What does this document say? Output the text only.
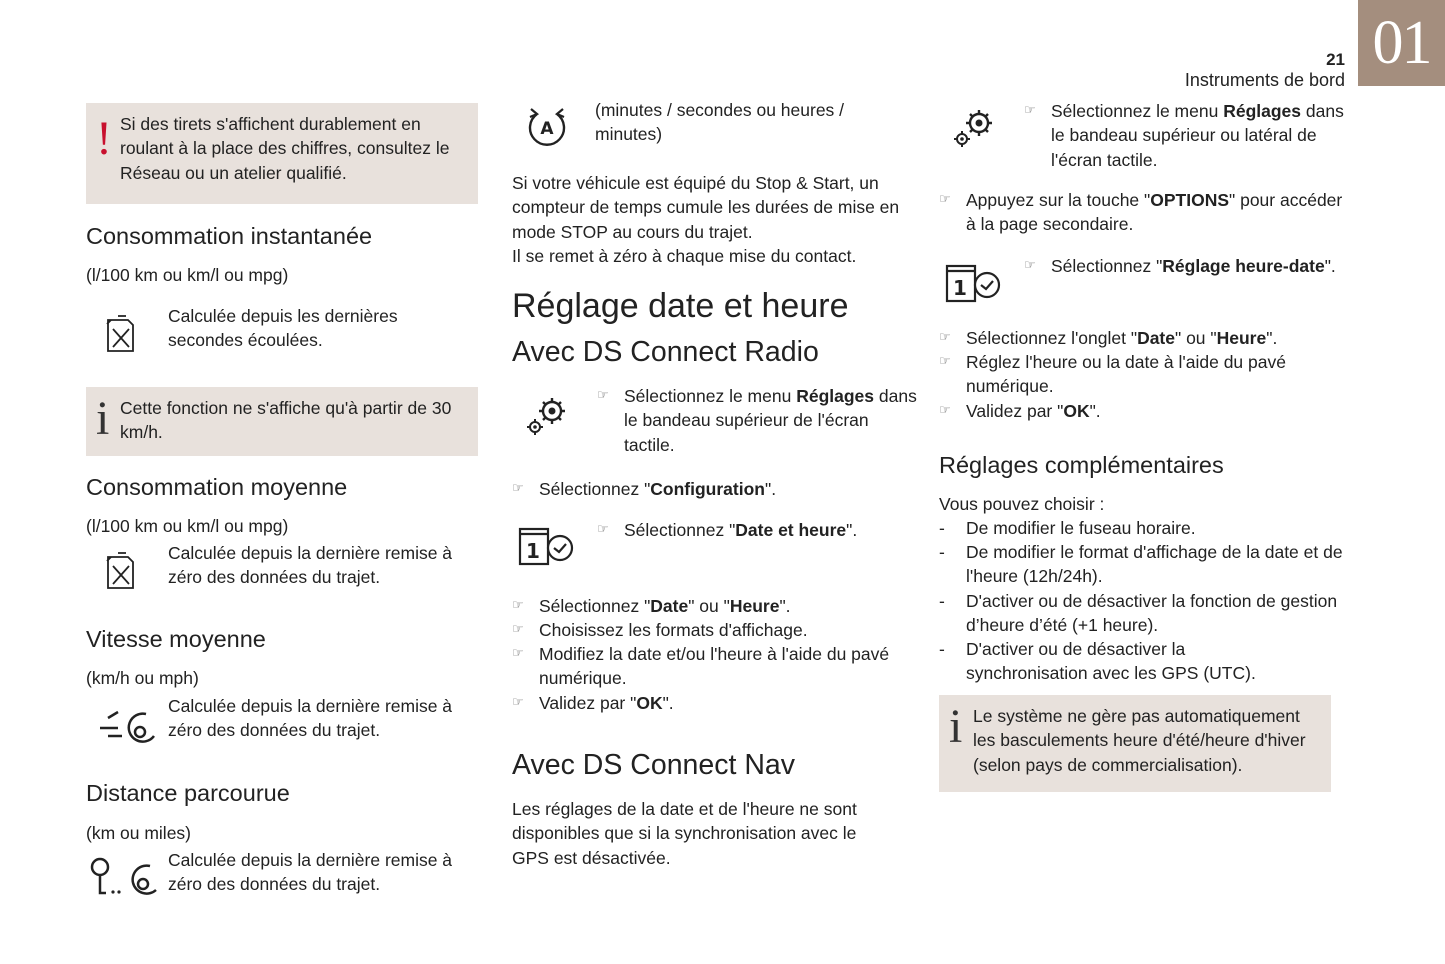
01
21
Instruments de bord
! Si des tirets s'affichent durablement en roulant à la place des chiffres, consultez le Réseau ou un atelier qualifié.
Consommation instantanée
(l/100 km ou km/l ou mpg)
Calculée depuis les dernières secondes écoulées.
i Cette fonction ne s'affiche qu'à partir de 30 km/h.
Consommation moyenne
(l/100 km ou km/l ou mpg)
Calculée depuis la dernière remise à zéro des données du trajet.
Vitesse moyenne
(km/h ou mph)
Calculée depuis la dernière remise à zéro des données du trajet.
Distance parcourue
(km ou miles)
Calculée depuis la dernière remise à zéro des données du trajet.
A
(minutes / secondes ou heures / minutes)
Si votre véhicule est équipé du Stop & Start, un compteur de temps cumule les durées de mise en mode STOP au cours du trajet.
Il se remet à zéro à chaque mise du contact.
Réglage date et heure
Avec DS Connect Radio
☞ Sélectionnez le menu Réglages dans le bandeau supérieur de l'écran tactile.
☞ Sélectionnez "Configuration".
1
☞ Sélectionnez "Date et heure".
☞ Sélectionnez "Date" ou "Heure".
☞ Choisissez les formats d'affichage.
☞ Modifiez la date et/ou l'heure à l'aide du pavé numérique.
☞ Validez par "OK".
Avec DS Connect Nav
Les réglages de la date et de l'heure ne sont disponibles que si la synchronisation avec le GPS est désactivée.
☞ Sélectionnez le menu Réglages dans le bandeau supérieur ou latéral de l'écran tactile.
☞ Appuyez sur la touche "OPTIONS" pour accéder à la page secondaire.
1
☞ Sélectionnez "Réglage heure-date".
☞ Sélectionnez l'onglet "Date" ou "Heure".
☞ Réglez l'heure ou la date à l'aide du pavé numérique.
☞ Validez par "OK".
Réglages complémentaires
Vous pouvez choisir :
- De modifier le fuseau horaire.
- De modifier le format d'affichage de la date et de l'heure (12h/24h).
- D'activer ou de désactiver la fonction de gestion d’heure d’été (+1 heure).
- D'activer ou de désactiver la synchronisation avec les GPS (UTC).
i Le système ne gère pas automatiquement les basculements heure d'été/heure d'hiver (selon pays de commercialisation).
